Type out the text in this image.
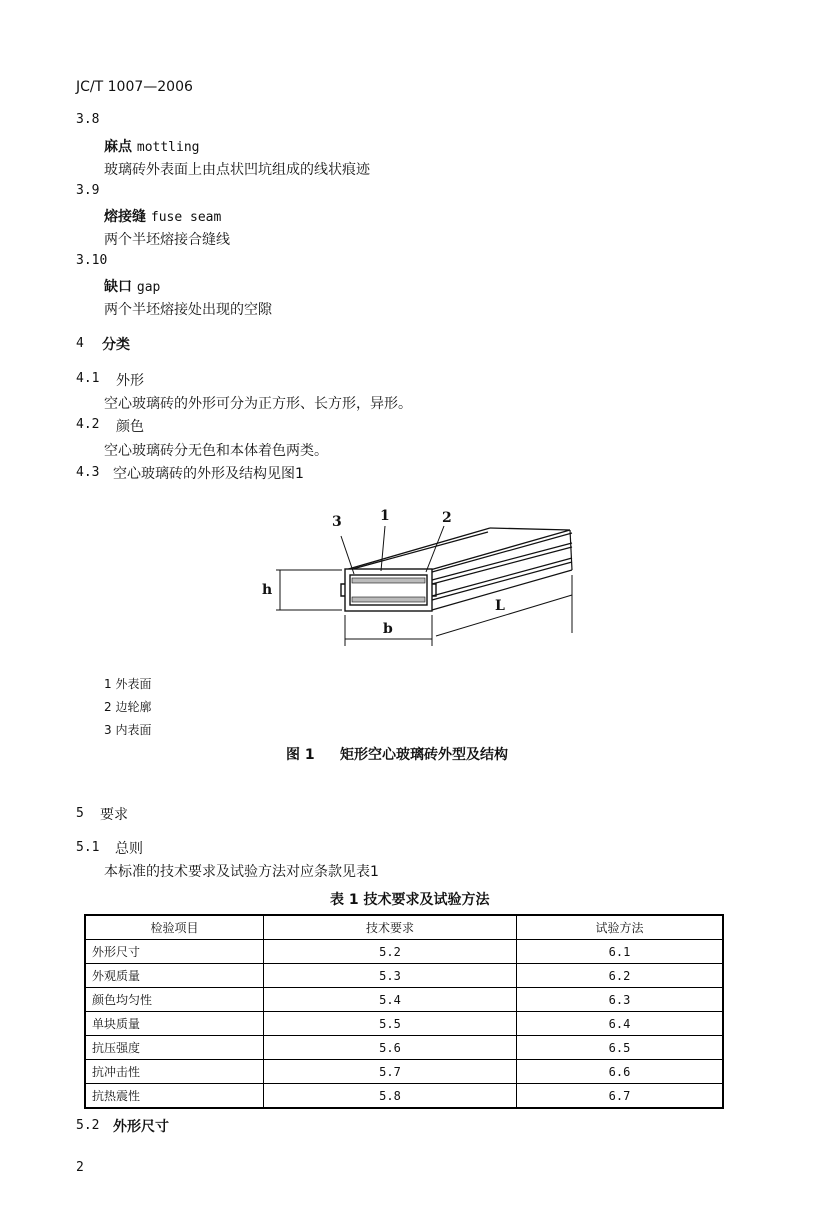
JC/T 1007—2006
3.8
麻点 mottling
玻璃砖外表面上由点状凹坑组成的线状痕迹
3.9
熔接缝 fuse seam
两个半坯熔接合缝线
3.10
缺口 gap
两个半坯熔接处出现的空隙
4 分类
4.1 外形
空心玻璃砖的外形可分为正方形、长方形，异形。
4.2 颜色
空心玻璃砖分无色和本体着色两类。
4.3 空心玻璃砖的外形及结构见图1
1	2
3
h
b
L
1 外表面
2 边轮廓
3 内表面
图 1 矩形空心玻璃砖外型及结构
5 要求
5.1 总则
本标准的技术要求及试验方法对应条款见表1
表 1 技术要求及试验方法
检验项目	技术要求	试验方法
外形尺寸	5.2	6.1
外观质量	5.3	6.2
颜色均匀性	5.4	6.3
单块质量	5.5	6.4
抗压强度	5.6	6.5
抗冲击性	5.7	6.6
抗热震性	5.8	6.7
5.2 外形尺寸
2
